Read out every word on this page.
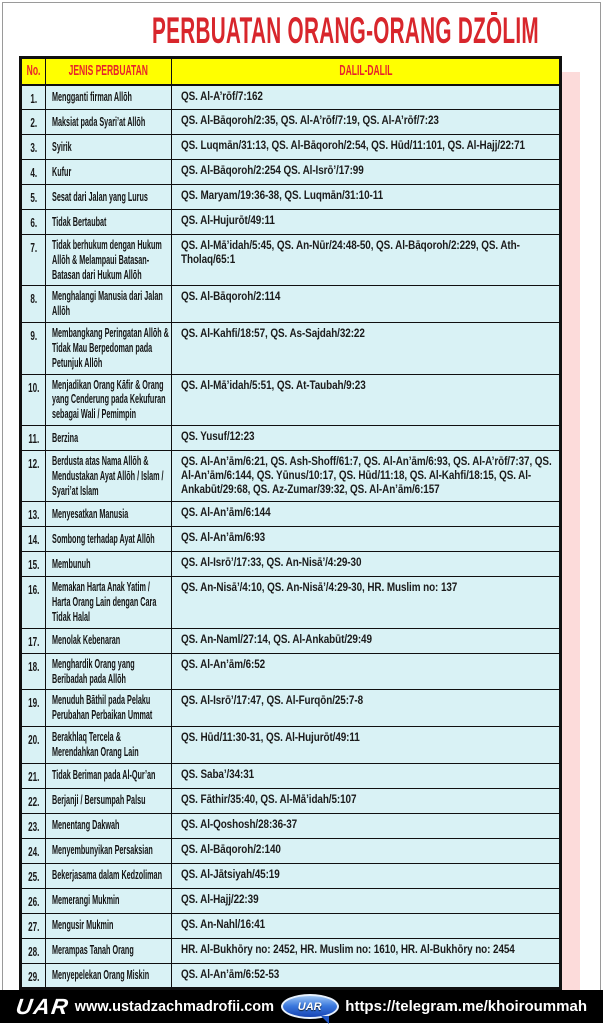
PERBUATAN ORANG-ORANG DZŌLIM
No.	JENIS PERBUATAN	DALIL-DALIL

1.	Mengganti firman Allōh	QS. Al-A’rōf/7:162

2.	Maksiat pada Syari’at Allōh	QS. Al-Bāqoroh/2:35, QS. Al-A’rōf/7:19, QS. Al-A’rōf/7:23

3.	Syirik	QS. Luqmān/31:13, QS. Al-Bāqoroh/2:54, QS. Hūd/11:101, QS. Al-Hajj/22:71

4.	Kufur	QS. Al-Bāqoroh/2:254 QS. Al-Isrō’/17:99

5.	Sesat dari Jalan yang Lurus	QS. Maryam/19:36-38, QS. Luqmān/31:10-11

6.	Tidak Bertaubat	QS. Al-Hujurōt/49:11

7.	Tidak berhukum dengan Hukum Allōh & Melampaui Batasan-Batasan dari Hukum Allōh	QS. Al-Mā’idah/5:45, QS. An-Nūr/24:48-50, QS. Al-Bāqoroh/2:229, QS. Ath-Tholaq/65:1

8.	Menghalangi Manusia dari Jalan Allōh	QS. Al-Bāqoroh/2:114

9.	Membangkang Peringatan Allōh & Tidak Mau Berpedoman pada Petunjuk Allōh	QS. Al-Kahfi/18:57, QS. As-Sajdah/32:22

10.	Menjadikan Orang Kāfir & Orang yang Cenderung pada Kekufuran sebagai Wali / Pemimpin	QS. Al-Mā’idah/5:51, QS. At-Taubah/9:23

11.	Berzina	QS. Yusuf/12:23

12.	Berdusta atas Nama Allōh & Mendustakan Ayat Allōh / Islam / Syari’at Islam	QS. Al-An’ām/6:21, QS. Ash-Shoff/61:7, QS. Al-An’ām/6:93, QS. Al-A’rōf/7:37, QS. Al-An’ām/6:144, QS. Yūnus/10:17, QS. Hūd/11:18, QS. Al-Kahfi/18:15, QS. Al-Ankabūt/29:68, QS. Az-Zumar/39:32, QS. Al-An’ām/6:157

13.	Menyesatkan Manusia	QS. Al-An’ām/6:144

14.	Sombong terhadap Ayat Allōh	QS. Al-An’ām/6:93

15.	Membunuh	QS. Al-Isrō’/17:33, QS. An-Nisā’/4:29-30

16.	Memakan Harta Anak Yatim / Harta Orang Lain dengan Cara Tidak Halal	QS. An-Nisā’/4:10, QS. An-Nisā’/4:29-30, HR. Muslim no: 137

17.	Menolak Kebenaran	QS. An-Naml/27:14, QS. Al-Ankabūt/29:49

18.	Menghardik Orang yang Beribadah pada Allōh	QS. Al-An’ām/6:52

19.	Menuduh Bāthil pada Pelaku Perubahan Perbaikan Ummat	QS. Al-Isrō’/17:47, QS. Al-Furqōn/25:7-8

20.	Berakhlaq Tercela & Merendahkan Orang Lain	QS. Hūd/11:30-31, QS. Al-Hujurōt/49:11

21.	Tidak Beriman pada Al-Qur’an	QS. Saba’/34:31

22.	Berjanji / Bersumpah Palsu	QS. Fāthir/35:40, QS. Al-Mā’idah/5:107

23.	Menentang Dakwah	QS. Al-Qoshosh/28:36-37

24.	Menyembunyikan Persaksian	QS. Al-Bāqoroh/2:140

25.	Bekerjasama dalam Kedzoliman	QS. Al-Jātsiyah/45:19

26.	Memerangi Mukmin	QS. Al-Hajj/22:39

27.	Mengusir Mukmin	QS. An-Nahl/16:41

28.	Merampas Tanah Orang	HR. Al-Bukhōry no: 2452, HR. Muslim no: 1610, HR. Al-Bukhōry no: 2454

29.	Menyepelekan Orang Miskin	QS. Al-An’ām/6:52-53
UAR www.ustadzachmadrofii.com UAR https://telegram.me/khoiroummah
